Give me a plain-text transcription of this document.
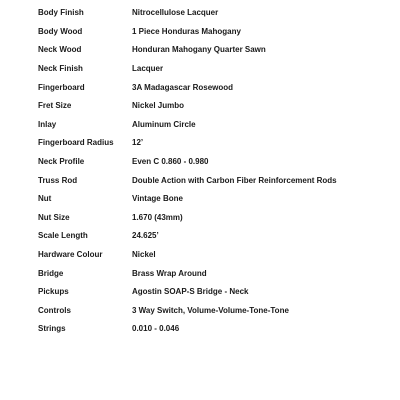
Body Finish	Nitrocellulose Lacquer
Body Wood	1 Piece Honduras Mahogany
Neck Wood	Honduran Mahogany Quarter Sawn
Neck Finish	Lacquer
Fingerboard	3A Madagascar Rosewood
Fret Size	Nickel Jumbo
Inlay	Aluminum Circle
Fingerboard Radius	12’
Neck Profile	Even C 0.860 - 0.980
Truss Rod	Double Action with Carbon Fiber Reinforcement Rods
Nut	Vintage Bone
Nut Size	1.670 (43mm)
Scale Length	24.625’
Hardware Colour	Nickel
Bridge	Brass Wrap Around
Pickups	Agostin SOAP-S Bridge - Neck
Controls	3 Way Switch, Volume-Volume-Tone-Tone
Strings	0.010 - 0.046
